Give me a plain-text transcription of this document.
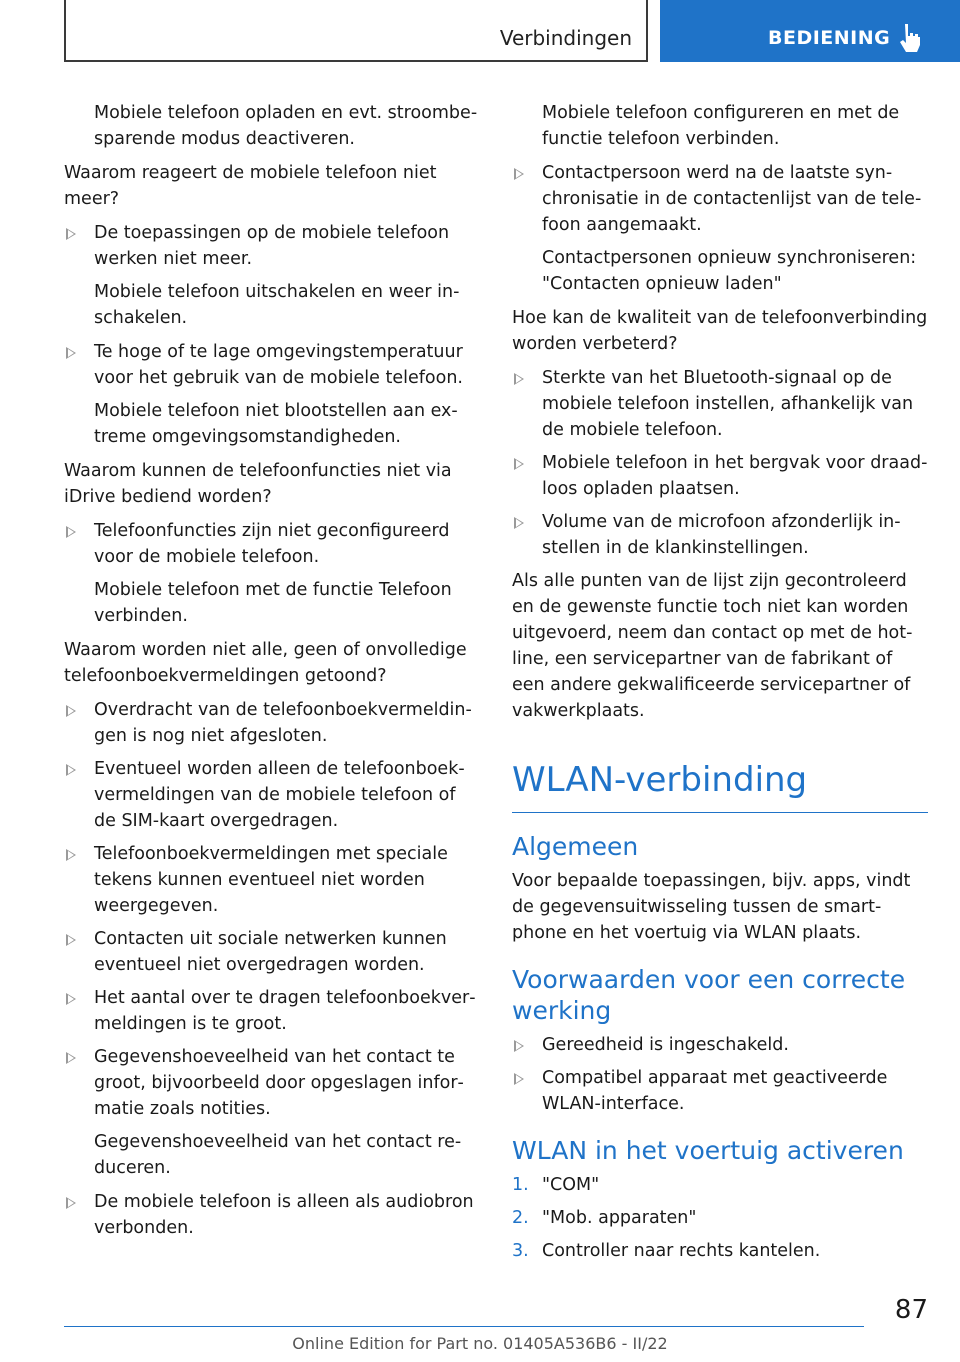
Verbindingen	BEDIENING

Mobiele telefoon opladen en evt. stroombesparende modus deactiveren.

Waarom reageert de mobiele telefoon niet meer?

De toepassingen op de mobiele telefoon werken niet meer.

Mobiele telefoon uitschakelen en weer inschakelen.

Te hoge of te lage omgevingstemperatuur voor het gebruik van de mobiele telefoon.

Mobiele telefoon niet blootstellen aan extreme omgevingsomstandigheden.

Waarom kunnen de telefoonfuncties niet via iDrive bediend worden?

Telefoonfuncties zijn niet geconfigureerd voor de mobiele telefoon.

Mobiele telefoon met de functie Telefoon verbinden.

Waarom worden niet alle, geen of onvolledige telefoonboekvermeldingen getoond?

Overdracht van de telefoonboekvermeldingen is nog niet afgesloten.
Eventueel worden alleen de telefoonboekvermeldingen van de mobiele telefoon of de SIM-kaart overgedragen.
Telefoonboekvermeldingen met speciale tekens kunnen eventueel niet worden weergegeven.
Contacten uit sociale netwerken kunnen eventueel niet overgedragen worden.
Het aantal over te dragen telefoonboekvermeldingen is te groot.
Gegevenshoeveelheid van het contact te groot, bijvoorbeeld door opgeslagen informatie zoals notities.

Gegevenshoeveelheid van het contact reduceren.

De mobiele telefoon is alleen als audiobron verbonden.

Mobiele telefoon configureren en met de functie telefoon verbinden.

Contactpersoon werd na de laatste synchronisatie in de contactenlijst van de telefoon aangemaakt.

Contactpersonen opnieuw synchroniseren: "Contacten opnieuw laden"

Hoe kan de kwaliteit van de telefoonverbinding worden verbeterd?

Sterkte van het Bluetooth-signaal op de mobiele telefoon instellen, afhankelijk van de mobiele telefoon.
Mobiele telefoon in het bergvak voor draadloos opladen plaatsen.
Volume van de microfoon afzonderlijk instellen in de klankinstellingen.

Als alle punten van de lijst zijn gecontroleerd en de gewenste functie toch niet kan worden uitgevoerd, neem dan contact op met de hotline, een servicepartner van de fabrikant of een andere gekwalificeerde servicepartner of vakwerkplaats.

WLAN-verbinding
Algemeen

Voor bepaalde toepassingen, bijv. apps, vindt de gegevensuitwisseling tussen de smartphone en het voertuig via WLAN plaats.

Voorwaarden voor een correcte werking
Gereedheid is ingeschakeld.
Compatibel apparaat met geactiveerde WLAN-interface.
WLAN in het voertuig activeren
1. "COM"
2. "Mob. apparaten"
3. Controller naar rechts kantelen.
87
Online Edition for Part no. 01405A536B6 - II/22
